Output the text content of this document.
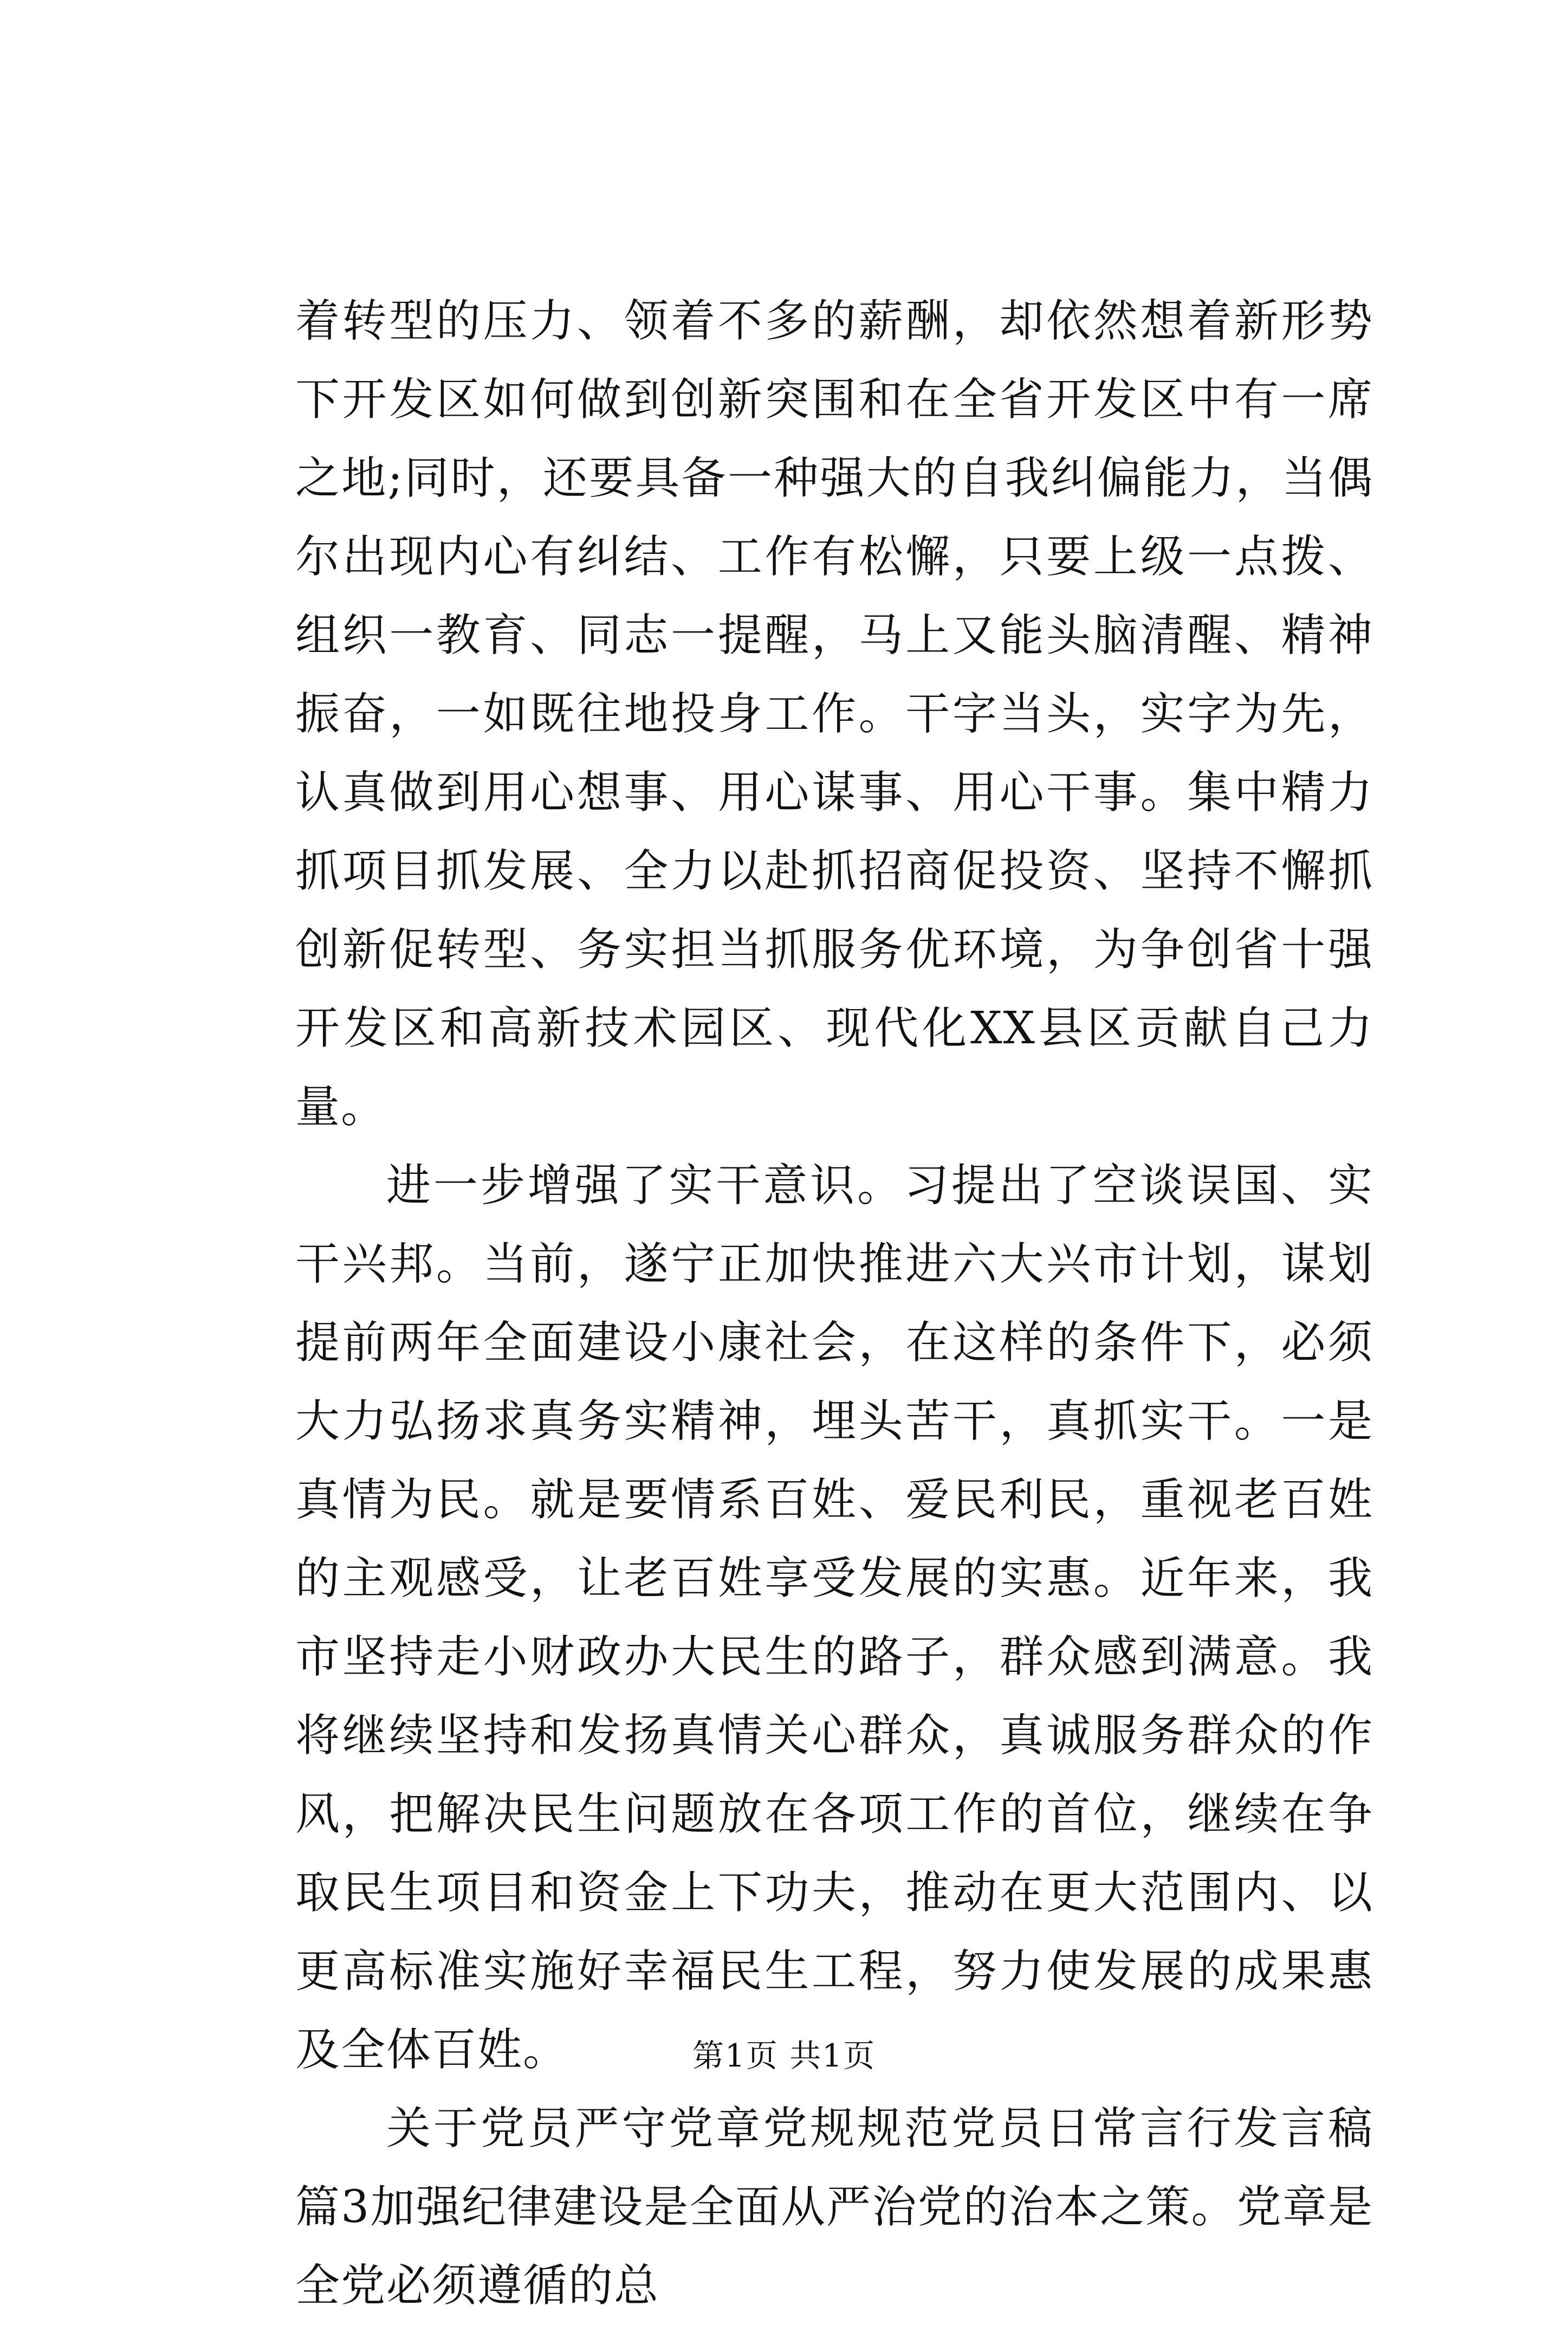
着转型的压力、领着不多的薪酬，却依然想着新形势下开发区如何做到创新突围和在全省开发区中有一席之地;同时，还要具备一种强大的自我纠偏能力，当偶尔出现内心有纠结、工作有松懈，只要上级一点拨、组织一教育、同志一提醒，马上又能头脑清醒、精神振奋，一如既往地投身工作。干字当头，实字为先，认真做到用心想事、用心谋事、用心干事。集中精力抓项目抓发展、全力以赴抓招商促投资、坚持不懈抓创新促转型、务实担当抓服务优环境，为争创省十强开发区和高新技术园区、现代化XX县区贡献自己力量。

进一步增强了实干意识。习提出了空谈误国、实干兴邦。当前，遂宁正加快推进六大兴市计划，谋划提前两年全面建设小康社会，在这样的条件下，必须大力弘扬求真务实精神，埋头苦干，真抓实干。一是真情为民。就是要情系百姓、爱民利民，重视老百姓的主观感受，让老百姓享受发展的实惠。近年来，我市坚持走小财政办大民生的路子，群众感到满意。我将继续坚持和发扬真情关心群众，真诚服务群众的作风，把解决民生问题放在各项工作的首位，继续在争取民生项目和资金上下功夫，推动在更大范围内、以更高标准实施好幸福民生工程，努力使发展的成果惠及全体百姓。

关于党员严守党章党规规范党员日常言行发言稿篇3加强纪律建设是全面从严治党的治本之策。党章是全党必须遵循的总

第1页 共1页
